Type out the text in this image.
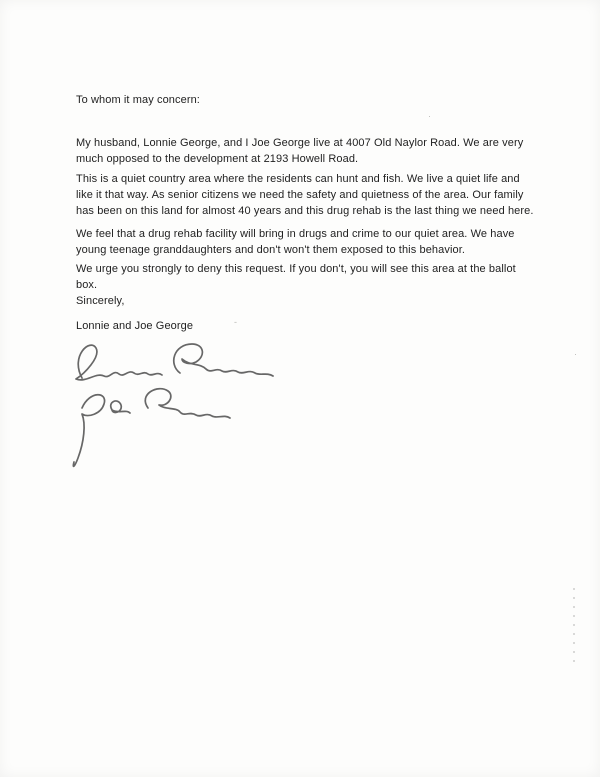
To whom it may concern:
My husband, Lonnie George, and I Joe George live at 4007 Old Naylor Road. We are very much opposed to the development at 2193 Howell Road.
This is a quiet country area where the residents can hunt and fish. We live a quiet life and like it that way. As senior citizens we need the safety and quietness of the area. Our family has been on this land for almost 40 years and this drug rehab is the last thing we need here.
We feel that a drug rehab facility will bring in drugs and crime to our quiet area. We have young teenage granddaughters and don't won't them exposed to this behavior.
We urge you strongly to deny this request. If you don't, you will see this area at the ballot box.
Sincerely,
Lonnie and Joe George
·
‑
·
